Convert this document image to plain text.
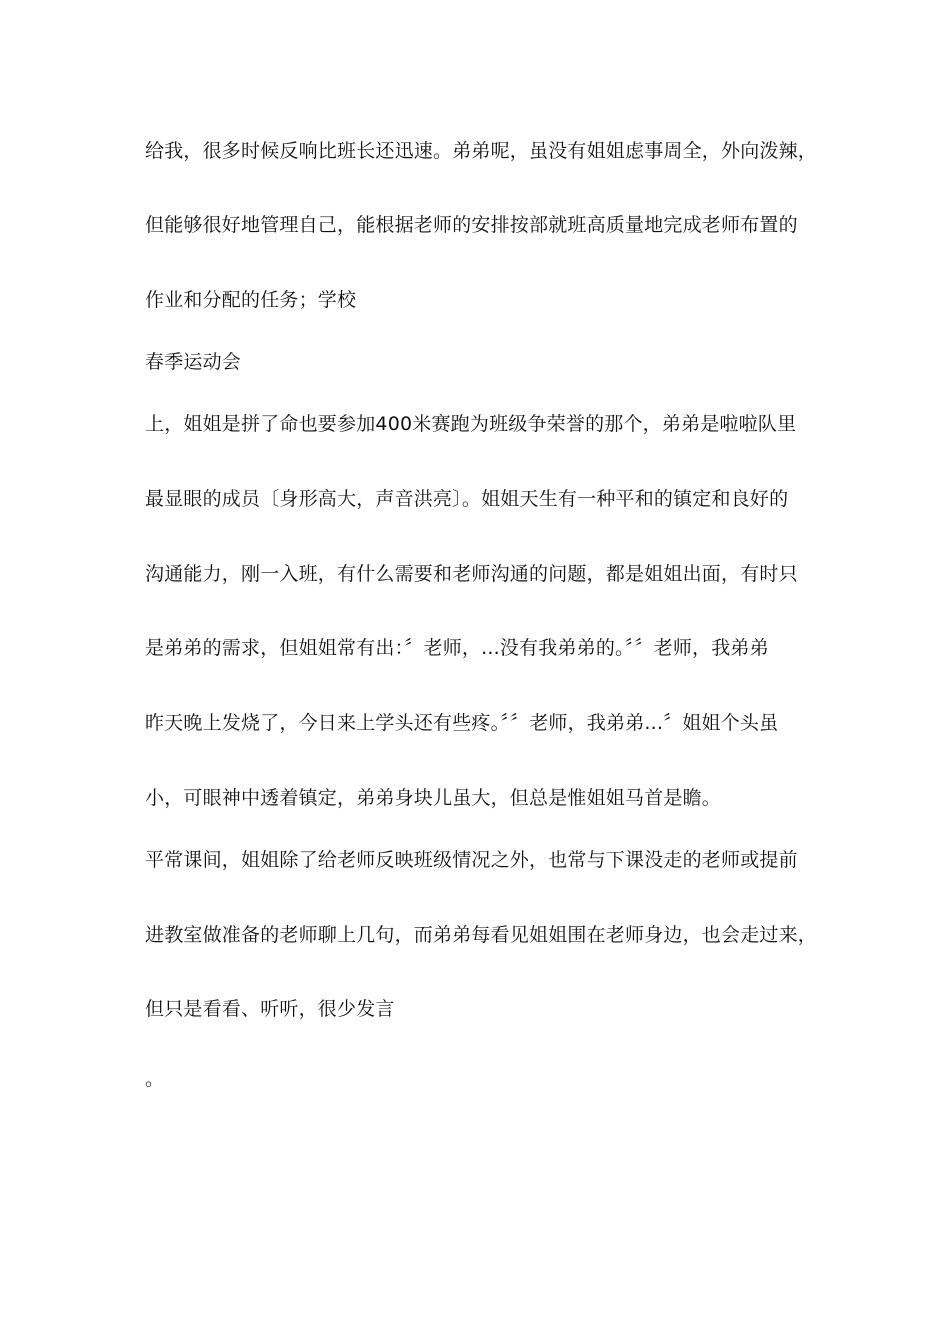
给我，很多时候反响比班长还迅速。弟弟呢，虽没有姐姐虑事周全，外向泼辣，
但能够很好地管理自己，能根据老师的安排按部就班高质量地完成老师布置的
作业和分配的任务；学校
春季运动会
上，姐姐是拼了命也要参加400米赛跑为班级争荣誉的那个，弟弟是啦啦队里
最显眼的成员〔身形高大，声音洪亮〕。姐姐天生有一种平和的镇定和良好的
沟通能力，刚一入班，有什么需要和老师沟通的问题，都是姐姐出面，有时只
是弟弟的需求，但姐姐常有出：〞老师，...没有我弟弟的。〞〞老师，我弟弟
昨天晚上发烧了，今日来上学头还有些疼。〞〞老师，我弟弟...〞姐姐个头虽
小，可眼神中透着镇定，弟弟身块儿虽大，但总是惟姐姐马首是瞻。
平常课间，姐姐除了给老师反映班级情况之外，也常与下课没走的老师或提前
进教室做准备的老师聊上几句，而弟弟每看见姐姐围在老师身边，也会走过来，
但只是看看、听听，很少发言
。
